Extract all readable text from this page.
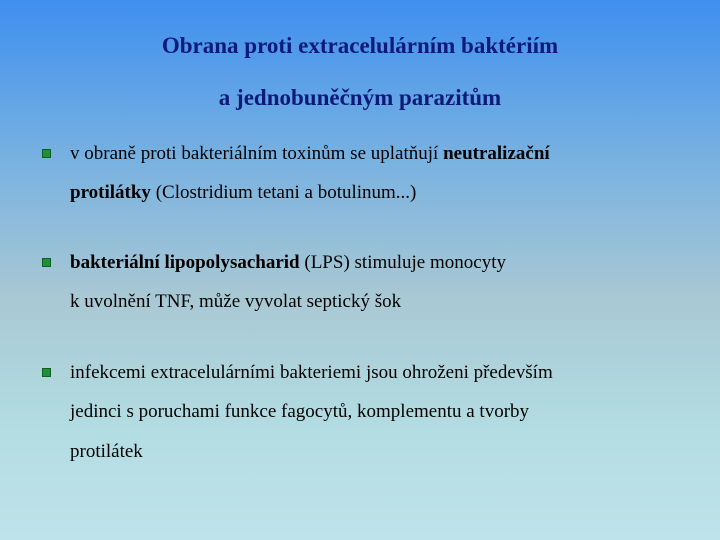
Obrana proti extracelulárním baktériím
a jednobuněčným parazitům
v obraně proti bakteriálním toxinům se uplatňují neutralizační
protilátky (Clostridium tetani a botulinum...)
bakteriální lipopolysacharid (LPS) stimuluje monocyty
k uvolnění TNF, může vyvolat septický šok
infekcemi extracelulárními bakteriemi jsou ohroženi především
jedinci s poruchami funkce fagocytů, komplementu a tvorby
protilátek
